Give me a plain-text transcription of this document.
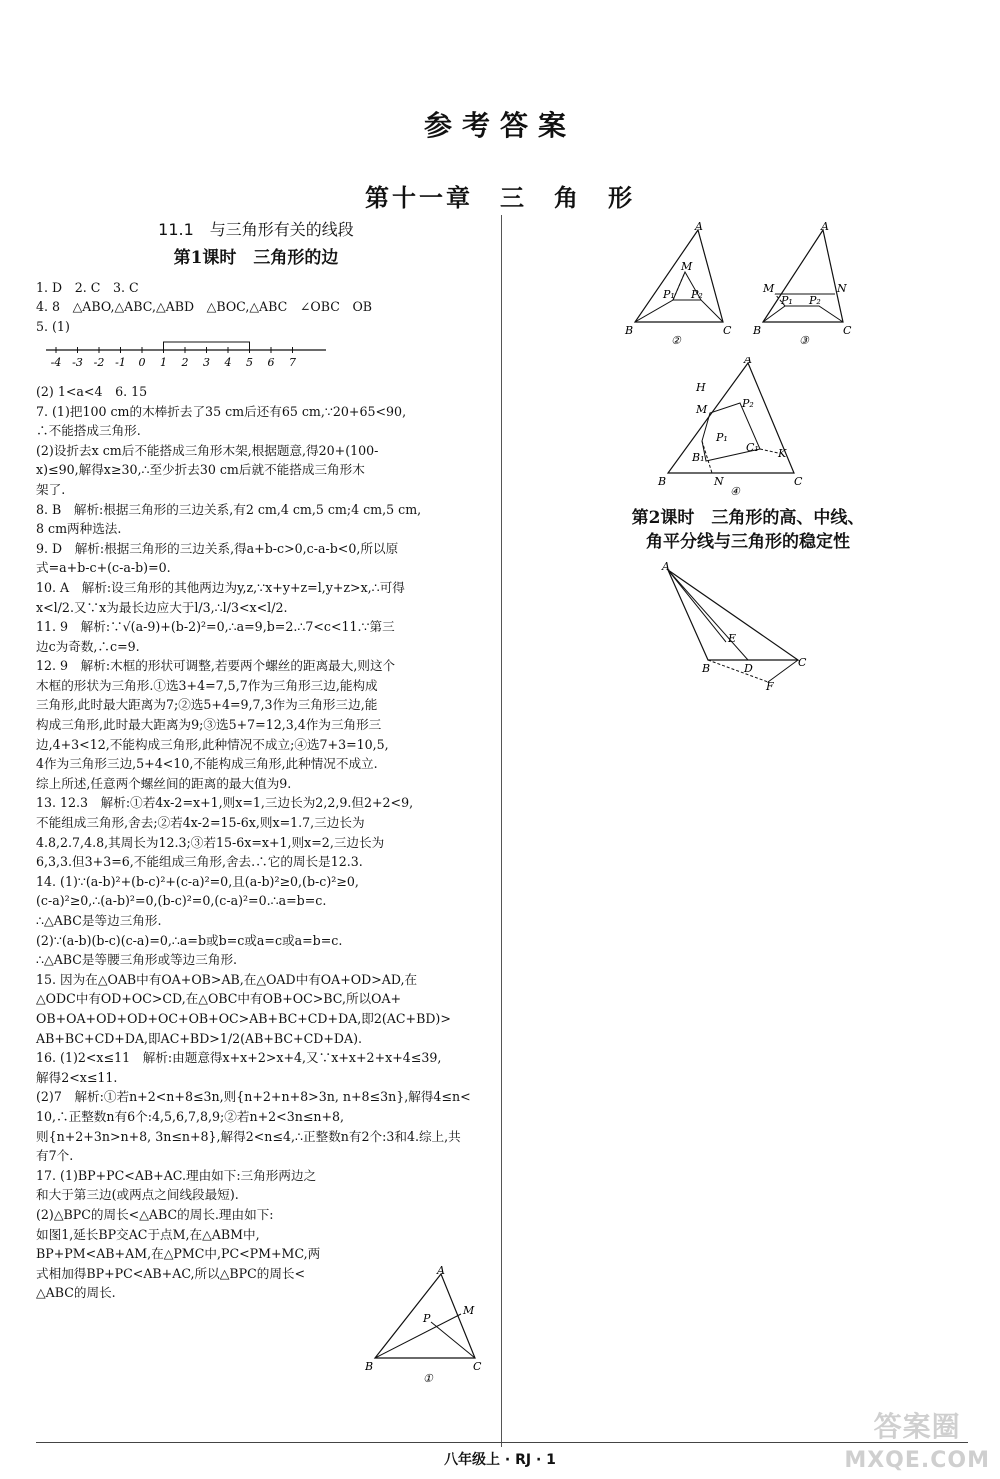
参考答案
第十一章　三　角　形
11.1　与三角形有关的线段
第1课时　三角形的边
1. D　2. C　3. C
4. 8　△ABO,△ABC,△ABD　△BOC,△ABC　∠OBC　OB
5. (1)
-4 -3 -2 -1 0 1 2 3 4 5 6 7
(2) 1<a<4　6. 15
7. (1)把100 cm的木棒折去了35 cm后还有65 cm,∵20+65<90,
∴不能搭成三角形.
(2)设折去x cm后不能搭成三角形木架,根据题意,得20+(100-
x)≤90,解得x≥30,∴至少折去30 cm后就不能搭成三角形木
架了.
8. B　解析:根据三角形的三边关系,有2 cm,4 cm,5 cm;4 cm,5 cm,
8 cm两种选法.
9. D　解析:根据三角形的三边关系,得a+b-c>0,c-a-b<0,所以原
式=a+b-c+(c-a-b)=0.
10. A　解析:设三角形的其他两边为y,z,∵x+y+z=l,y+z>x,∴可得
x<l/2.又∵x为最长边应大于l/3,∴l/3<x<l/2.
11. 9　解析:∵√(a-9)+(b-2)²=0,∴a=9,b=2.∴7<c<11.∵第三
边c为奇数,∴c=9.
12. 9　解析:木框的形状可调整,若要两个螺丝的距离最大,则这个
木框的形状为三角形.①选3+4=7,5,7作为三角形三边,能构成
三角形,此时最大距离为7;②选5+4=9,7,3作为三角形三边,能
构成三角形,此时最大距离为9;③选5+7=12,3,4作为三角形三
边,4+3<12,不能构成三角形,此种情况不成立;④选7+3=10,5,
4作为三角形三边,5+4<10,不能构成三角形,此种情况不成立.
综上所述,任意两个螺丝间的距离的最大值为9.
13. 12.3　解析:①若4x-2=x+1,则x=1,三边长为2,2,9.但2+2<9,
不能组成三角形,舍去;②若4x-2=15-6x,则x=1.7,三边长为
4.8,2.7,4.8,其周长为12.3;③若15-6x=x+1,则x=2,三边长为
6,3,3.但3+3=6,不能组成三角形,舍去.∴它的周长是12.3.
14. (1)∵(a-b)²+(b-c)²+(c-a)²=0,且(a-b)²≥0,(b-c)²≥0,
(c-a)²≥0,∴(a-b)²=0,(b-c)²=0,(c-a)²=0.∴a=b=c.
∴△ABC是等边三角形.
(2)∵(a-b)(b-c)(c-a)=0,∴a=b或b=c或a=c或a=b=c.
∴△ABC是等腰三角形或等边三角形.
15. 因为在△OAB中有OA+OB>AB,在△OAD中有OA+OD>AD,在
△ODC中有OD+OC>CD,在△OBC中有OB+OC>BC,所以OA+
OB+OA+OD+OD+OC+OB+OC>AB+BC+CD+DA,即2(AC+BD)>
AB+BC+CD+DA,即AC+BD>1/2(AB+BC+CD+DA).
16. (1)2<x≤11　解析:由题意得x+x+2>x+4,又∵x+x+2+x+4≤39,
解得2<x≤11.
(2)7　解析:①若n+2<n+8≤3n,则{n+2+n+8>3n, n+8≤3n},解得4≤n<
10,∴正整数n有6个:4,5,6,7,8,9;②若n+2<3n≤n+8,
则{n+2+3n>n+8, 3n≤n+8},解得2<n≤4,∴正整数n有2个:3和4.综上,共
有7个.
17. (1)BP+PC<AB+AC.理由如下:三角形两边之
和大于第三边(或两点之间线段最短).
(2)△BPC的周长<△ABC的周长.理由如下:
如图1,延长BP交AC于点M,在△ABM中,
BP+PM<AB+AM,在△PMC中,PC<PM+MC,两
式相加得BP+PC<AB+AC,所以△BPC的周长<
△ABC的周长.
A
B	C
M
P₁ P₂
②
A
B	C
M	N
P₁ P₂
③
A
B	C
H
M	P₂
P₁
C₁ K
B₁
N
④
第2课时　三角形的高、中线、
角平分线与三角形的稳定性
A
B	C
D
E
F
A
B	C
P
M
①
八年级上 · RJ · 1
答案圈
MXQE.COM
